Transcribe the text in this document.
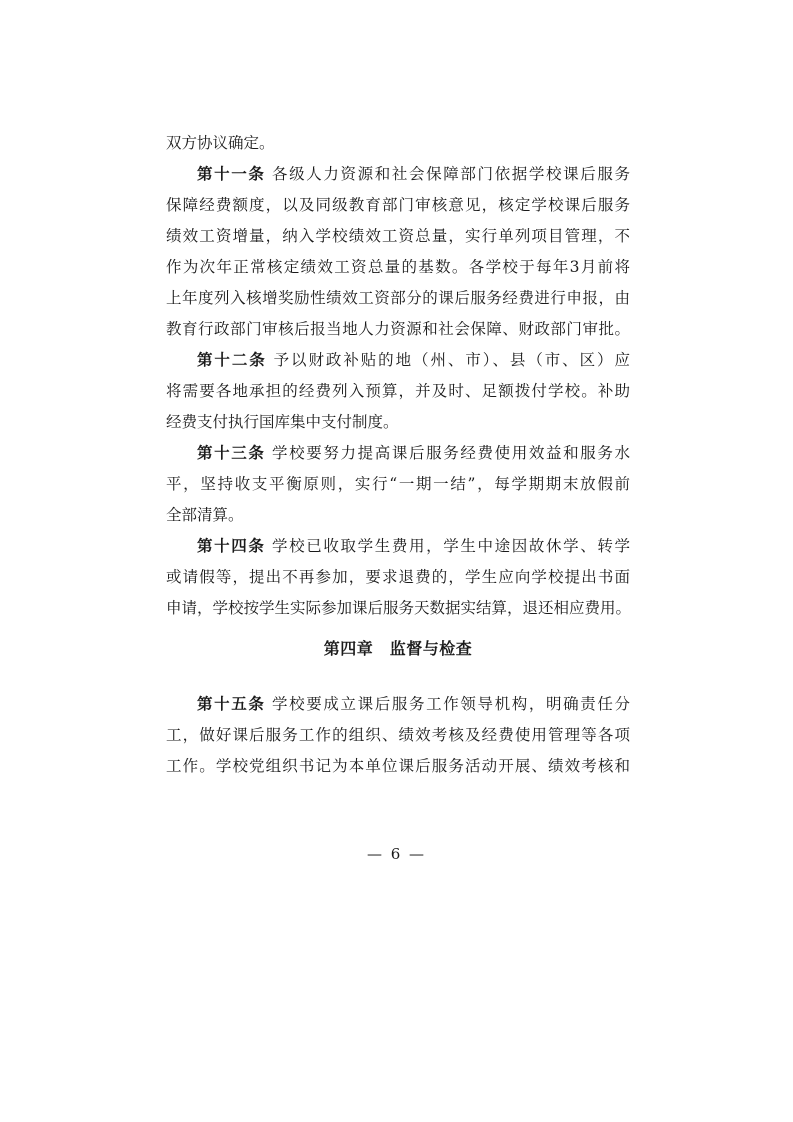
双方协议确定。
第十一条 各级人力资源和社会保障部门依据学校课后服务
保障经费额度，以及同级教育部门审核意见，核定学校课后服务
绩效工资增量，纳入学校绩效工资总量，实行单列项目管理，不
作为次年正常核定绩效工资总量的基数。各学校于每年3月前将
上年度列入核增奖励性绩效工资部分的课后服务经费进行申报，由
教育行政部门审核后报当地人力资源和社会保障、财政部门审批。
第十二条 予以财政补贴的地（州、市）、县（市、区）应
将需要各地承担的经费列入预算，并及时、足额拨付学校。补助
经费支付执行国库集中支付制度。
第十三条 学校要努力提高课后服务经费使用效益和服务水
平，坚持收支平衡原则，实行“一期一结”，每学期期末放假前
全部清算。
第十四条 学校已收取学生费用，学生中途因故休学、转学
或请假等，提出不再参加，要求退费的，学生应向学校提出书面
申请，学校按学生实际参加课后服务天数据实结算，退还相应费用。
第四章　监督与检查
第十五条 学校要成立课后服务工作领导机构，明确责任分
工，做好课后服务工作的组织、绩效考核及经费使用管理等各项
工作。学校党组织书记为本单位课后服务活动开展、绩效考核和
— 6 —
